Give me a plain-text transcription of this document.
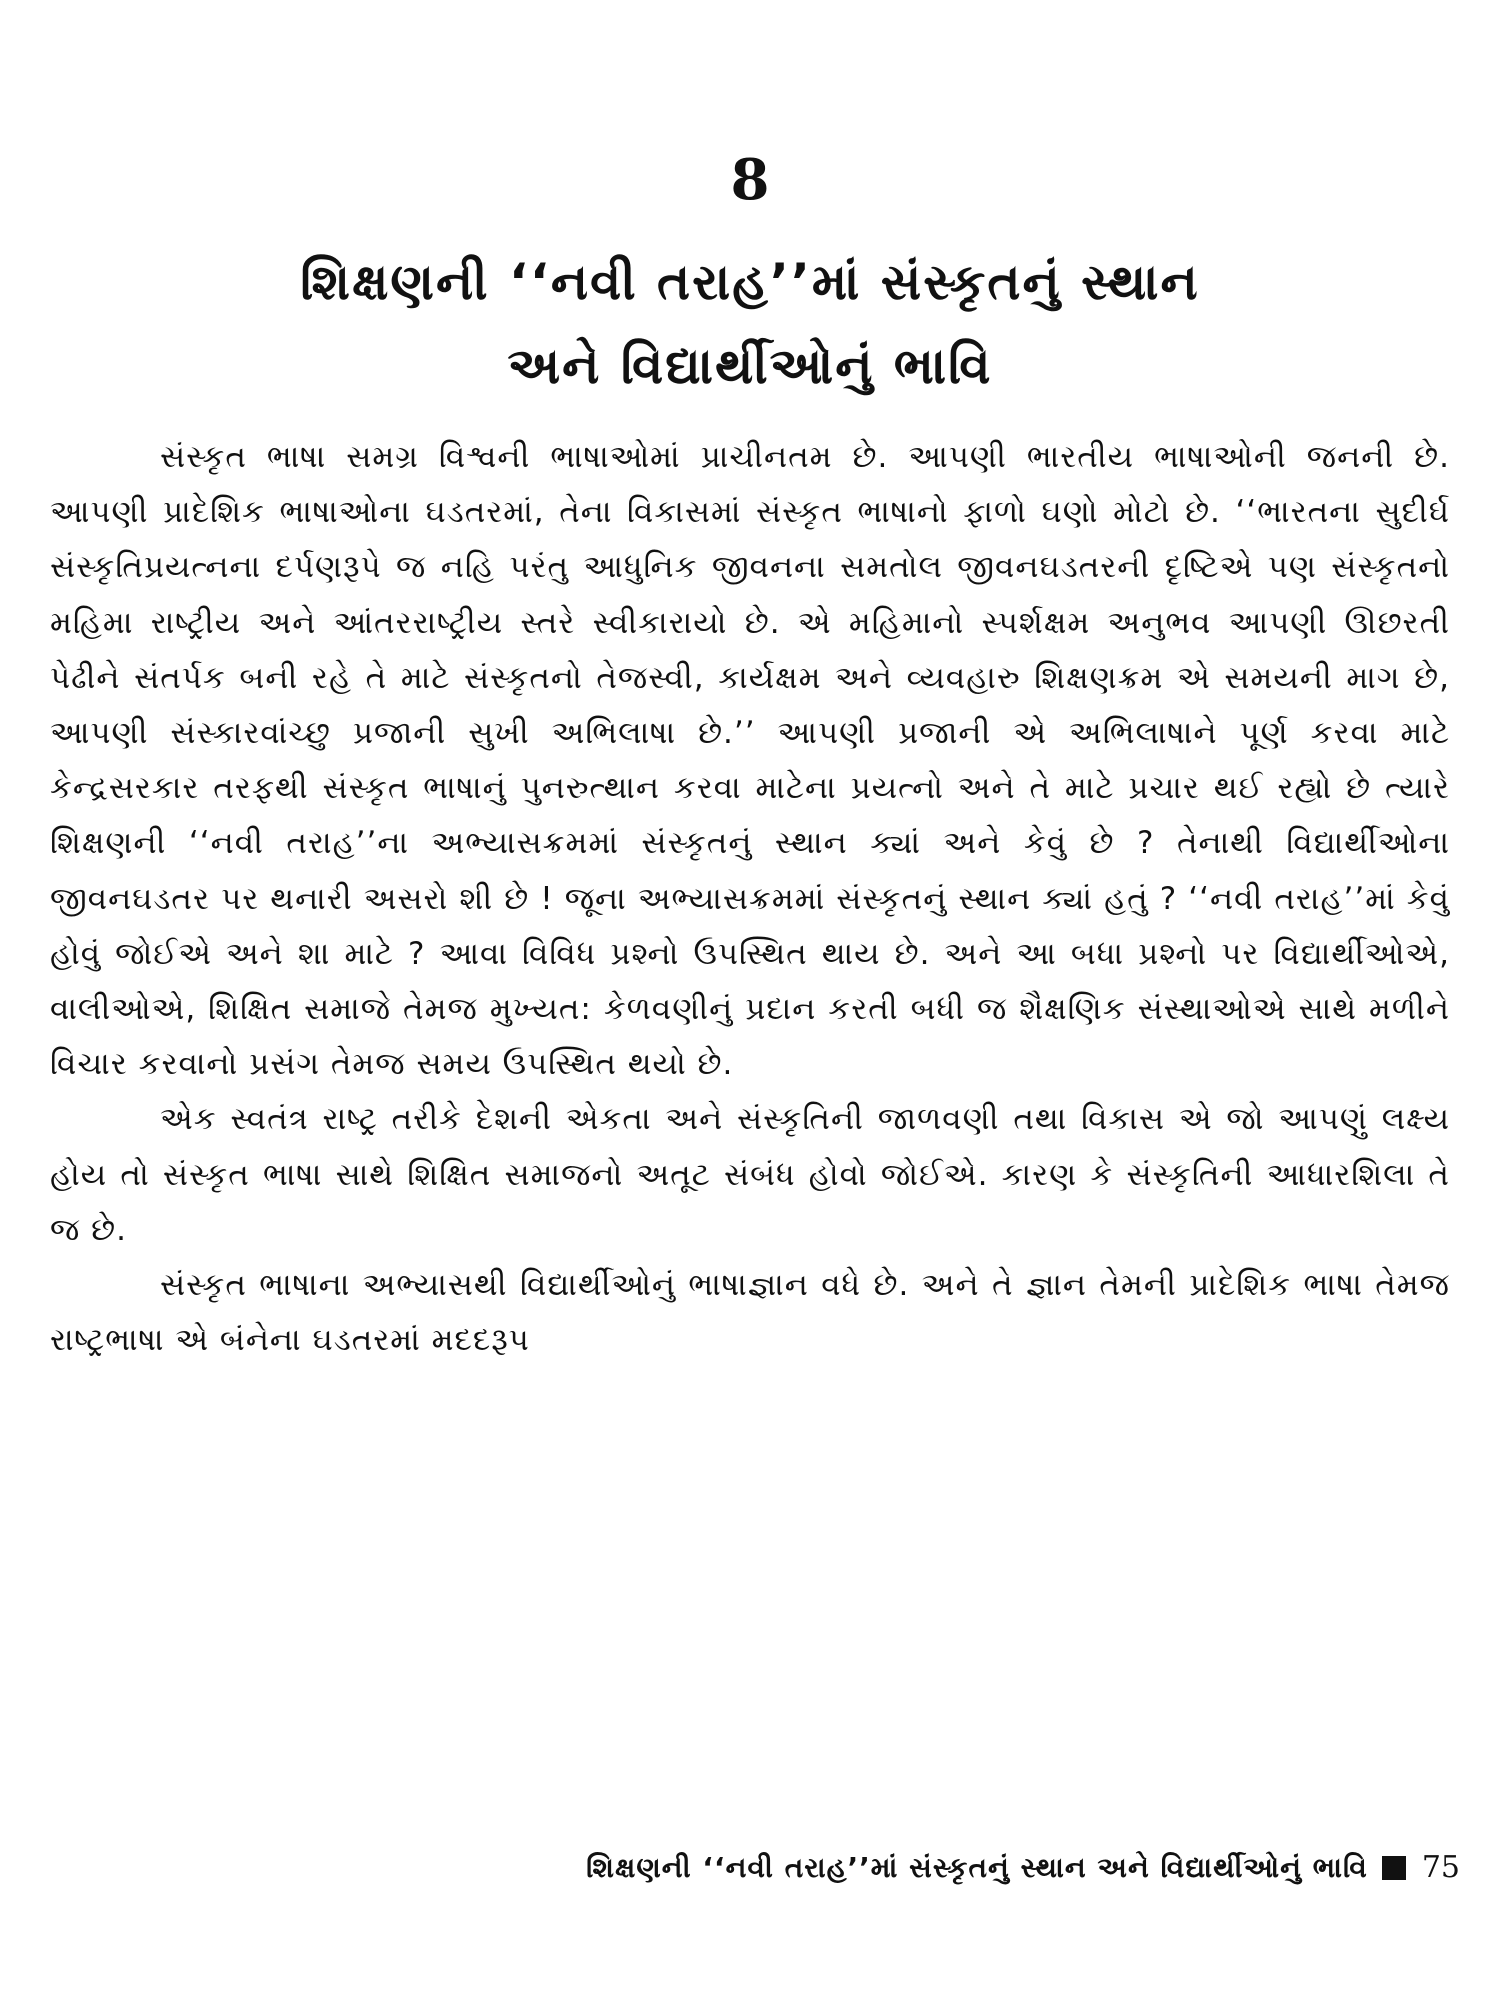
8
શિક્ષણની ‘‘નવી તરાહ’’માં સંસ્કૃતનું સ્થાન
અને વિદ્યાર્થીઓનું ભાવિ

સંસ્કૃત ભાષા સમગ્ર વિશ્વની ભાષાઓમાં પ્રાચીનતમ છે. આપણી ભારતીય ભાષાઓની જનની છે. આપણી પ્રાદેશિક ભાષાઓના ઘડતરમાં, તેના વિકાસમાં સંસ્કૃત ભાષાનો ફાળો ઘણો મોટો છે. ‘‘ભારતના સુદીર્ઘ સંસ્કૃતિપ્રયત્નના દર્પણરૂપે જ નહિ પરંતુ આધુનિક જીવનના સમતોલ જીવનઘડતરની દૃષ્ટિએ પણ સંસ્કૃતનો મહિમા રાષ્ટ્રીય અને આંતરરાષ્ટ્રીય સ્તરે સ્વીકારાયો છે. એ મહિમાનો સ્પર્શક્ષમ અનુભવ આપણી ઊછરતી પેઢીને સંતર્પક બની રહે તે માટે સંસ્કૃતનો તેજસ્વી, કાર્યક્ષમ અને વ્યવહારુ શિક્ષણક્રમ એ સમયની માગ છે, આપણી સંસ્કારવાંચ્છુ પ્રજાની સુખી અભિલાષા છે.’’ આપણી પ્રજાની એ અભિલાષાને પૂર્ણ કરવા માટે કેન્દ્રસરકાર તરફથી સંસ્કૃત ભાષાનું પુનરુત્થાન કરવા માટેના પ્રયત્નો અને તે માટે પ્રચાર થઈ રહ્યો છે ત્યારે શિક્ષણની ‘‘નવી તરાહ’’ના અભ્યાસક્રમમાં સંસ્કૃતનું સ્થાન ક્યાં અને કેવું છે ? તેનાથી વિદ્યાર્થીઓના જીવનઘડતર પર થનારી અસરો શી છે ! જૂના અભ્યાસક્રમમાં સંસ્કૃતનું સ્થાન ક્યાં હતું ? ‘‘નવી તરાહ’’માં કેવું હોવું જોઈએ અને શા માટે ? આવા વિવિધ પ્રશ્નો ઉપસ્થિત થાય છે. અને આ બધા પ્રશ્નો પર વિદ્યાર્થીઓએ, વાલીઓએ, શિક્ષિત સમાજે તેમજ મુખ્યત: કેળવણીનું પ્રદાન કરતી બધી જ શૈક્ષણિક સંસ્થાઓએ સાથે મળીને વિચાર કરવાનો પ્રસંગ તેમજ સમય ઉપસ્થિત થયો છે.

એક સ્વતંત્ર રાષ્ટ્ર તરીકે દેશની એકતા અને સંસ્કૃતિની જાળવણી તથા વિકાસ એ જો આપણું લક્ષ્ય હોય તો સંસ્કૃત ભાષા સાથે શિક્ષિત સમાજનો અતૂટ સંબંધ હોવો જોઈએ. કારણ કે સંસ્કૃતિની આધારશિલા તે જ છે.

સંસ્કૃત ભાષાના અભ્યાસથી વિદ્યાર્થીઓનું ભાષાજ્ઞાન વધે છે. અને તે જ્ઞાન તેમની પ્રાદેશિક ભાષા તેમજ રાષ્ટ્રભાષા એ બંનેના ઘડતરમાં મદદરૂપ

શિક્ષણની ‘‘નવી તરાહ’’માં સંસ્કૃતનું સ્થાન અને વિદ્યાર્થીઓનું ભાવિ 75
